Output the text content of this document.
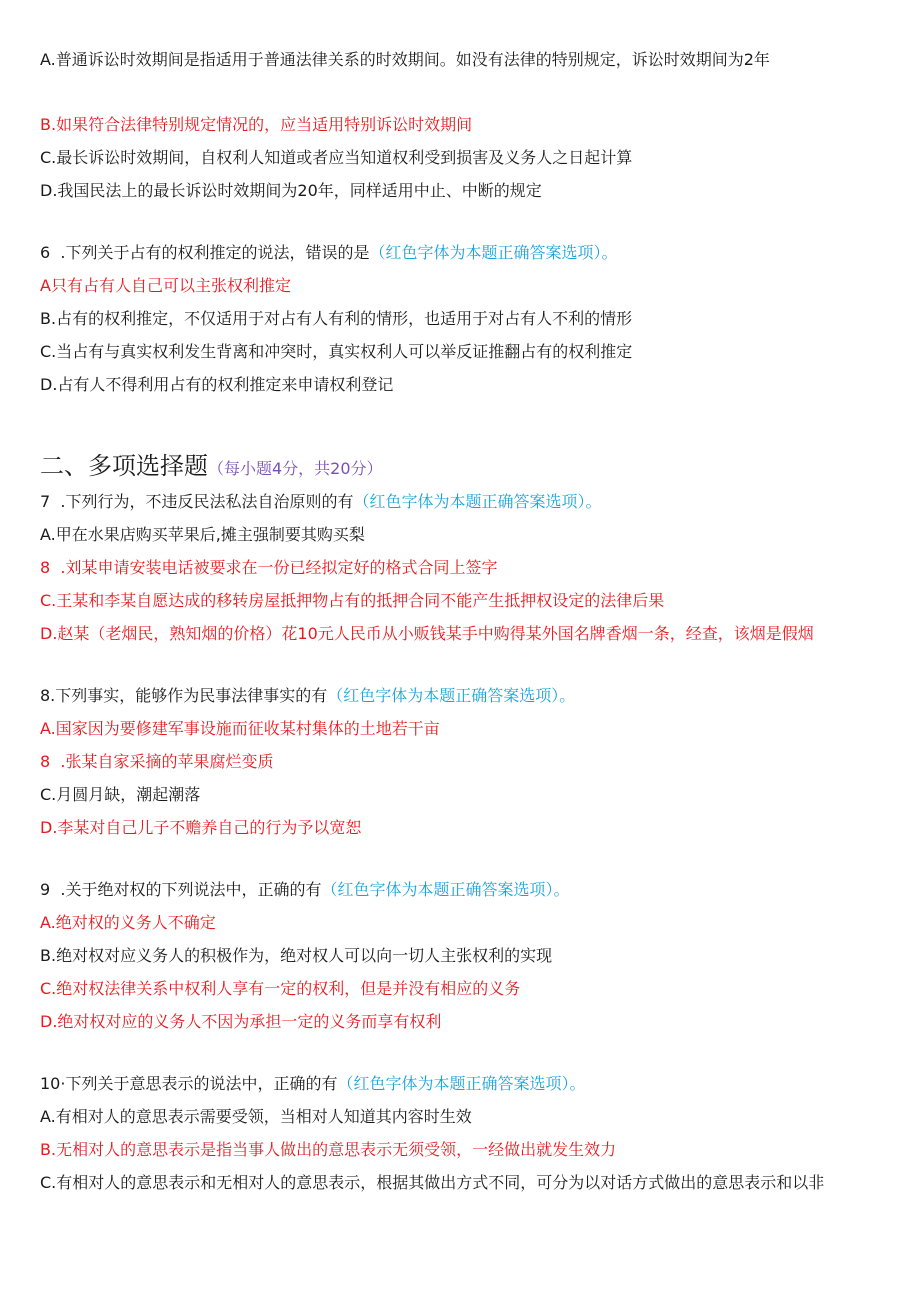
A.普通诉讼时效期间是指适用于普通法律关系的时效期间。如没有法律的特别规定，诉讼时效期间为2年
B.如果符合法律特别规定情况的，应当适用特别诉讼时效期间
C.最长诉讼时效期间，自权利人知道或者应当知道权利受到损害及义务人之日起计算
D.我国民法上的最长诉讼时效期间为20年，同样适用中止、中断的规定
6  .下列关于占有的权利推定的说法，错误的是（红色字体为本题正确答案选项）。
A只有占有人自己可以主张权利推定
B.占有的权利推定，不仅适用于对占有人有利的情形，也适用于对占有人不利的情形
C.当占有与真实权利发生背离和冲突时，真实权利人可以举反证推翻占有的权利推定
D.占有人不得利用占有的权利推定来申请权利登记
二、多项选择题（每小题4分，共20分）
7  .下列行为，不违反民法私法自治原则的有（红色字体为本题正确答案选项）。
A.甲在水果店购买苹果后,摊主强制要其购买梨
8  .刘某申请安装电话被要求在一份已经拟定好的格式合同上签字
C.王某和李某自愿达成的移转房屋抵押物占有的抵押合同不能产生抵押权设定的法律后果
D.赵某（老烟民，熟知烟的价格）花10元人民币从小贩钱某手中购得某外国名牌香烟一条，经查，该烟是假烟
8.下列事实，能够作为民事法律事实的有（红色字体为本题正确答案选项）。
A.国家因为要修建军事设施而征收某村集体的土地若干亩
8  .张某自家采摘的苹果腐烂变质
C.月圆月缺，潮起潮落
D.李某对自己儿子不赡养自己的行为予以宽恕
9  .关于绝对权的下列说法中，正确的有（红色字体为本题正确答案选项）。
A.绝对权的义务人不确定
B.绝对权对应义务人的积极作为，绝对权人可以向一切人主张权利的实现
C.绝对权法律关系中权利人享有一定的权利，但是并没有相应的义务
D.绝对权对应的义务人不因为承担一定的义务而享有权利
10·下列关于意思表示的说法中，正确的有（红色字体为本题正确答案选项）。
A.有相对人的意思表示需要受领，当相对人知道其内容时生效
B.无相对人的意思表示是指当事人做出的意思表示无须受领，一经做出就发生效力
C.有相对人的意思表示和无相对人的意思表示，根据其做出方式不同，可分为以对话方式做出的意思表示和以非
